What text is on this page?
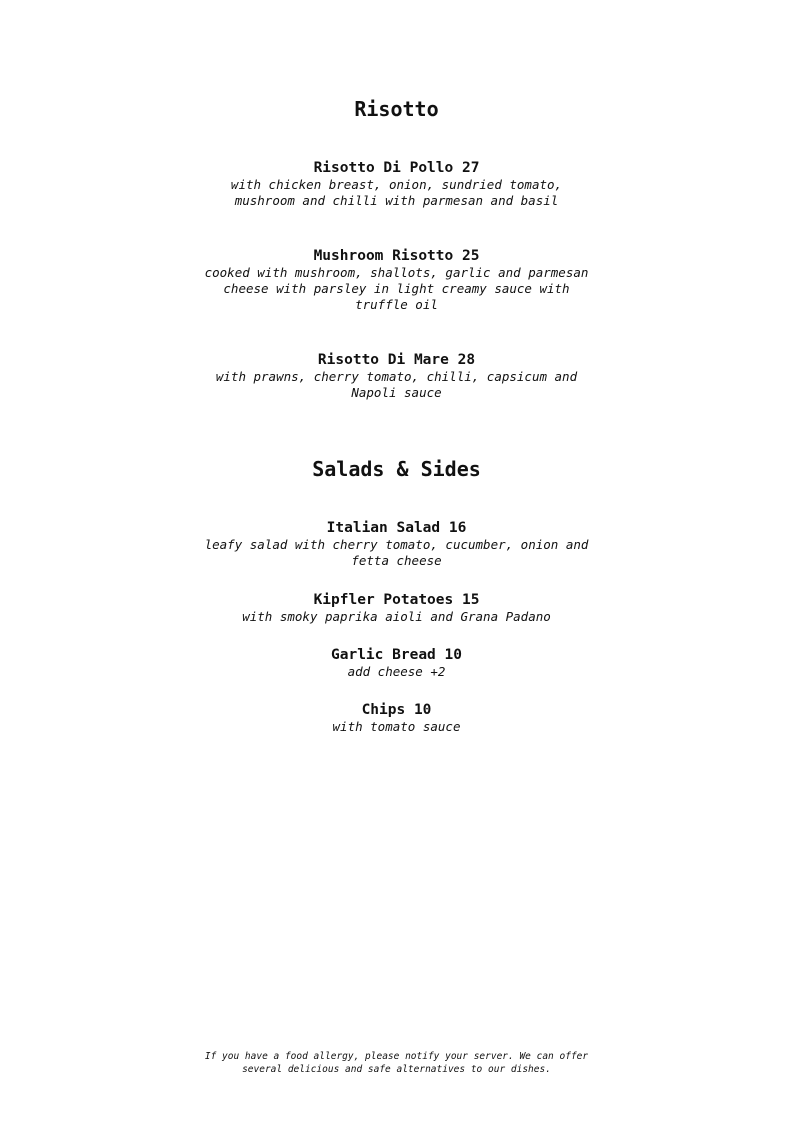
Risotto
Risotto Di Pollo 27
with chicken breast, onion, sundried tomato,
mushroom and chilli with parmesan and basil
Mushroom Risotto 25
cooked with mushroom, shallots, garlic and parmesan
cheese with parsley in light creamy sauce with
truffle oil
Risotto Di Mare 28
with prawns, cherry tomato, chilli, capsicum and
Napoli sauce
Salads & Sides
Italian Salad 16
leafy salad with cherry tomato, cucumber, onion and
fetta cheese
Kipfler Potatoes 15
with smoky paprika aioli and Grana Padano
Garlic Bread 10
add cheese +2
Chips 10
with tomato sauce
If you have a food allergy, please notify your server. We can offer
several delicious and safe alternatives to our dishes.
